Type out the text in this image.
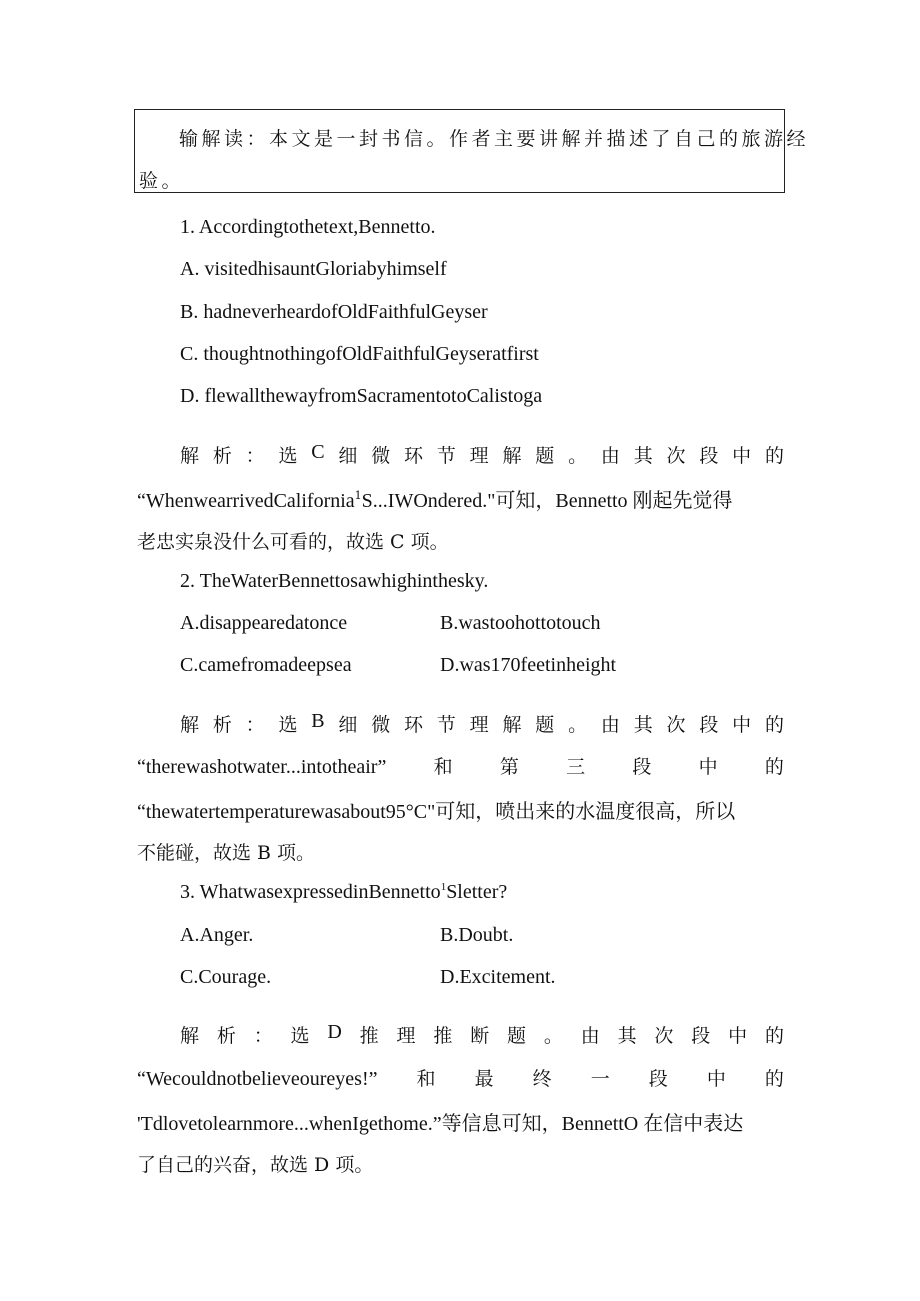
输解读：本文是一封书信。作者主要讲解并描述了自己的旅游经
验。
1. Accordingtothetext,Bennetto.
A. visitedhisauntGloriabyhimself
B. hadneverheardofOldFaithfulGeyser
C. thoughtnothingofOldFaithfulGeyseratfirst
D. flewallthewayfromSacramentotoCalistoga
解 析 ： 选 C 细 微 环 节 理 解 题 。 由 其 次 段 中 的
“WhenwearrivedCalifornia$^1$S...IWOndered."可知，Bennetto 刚起先觉得
老忠实泉没什么可看的，故选 C 项。
2. TheWaterBennettosawhighinthesky.
A.disappearedatonce	B.wastoohottotouch
C.camefromadeepsea	D.was170feetinheight
解 析 ： 选 B 细 微 环 节 理 解 题 。 由 其 次 段 中 的
“therewashotwater...intotheair” 和 第 三 段 中 的
“thewatertemperaturewasabout95°C"可知，喷出来的水温度很高，所以
不能碰，故选 B 项。
3. WhatwasexpressedinBennetto$^1$Sletter?
A.Anger.	B.Doubt.
C.Courage.	D.Excitement.
解 析 ： 选 D 推 理 推 断 题 。 由 其 次 段 中 的
“Wecouldnotbelieveoureyes!” 和 最 终 一 段 中 的
'Tdlovetolearnmore...whenIgethome.”等信息可知，BennettO 在信中表达
了自己的兴奋，故选 D 项。
